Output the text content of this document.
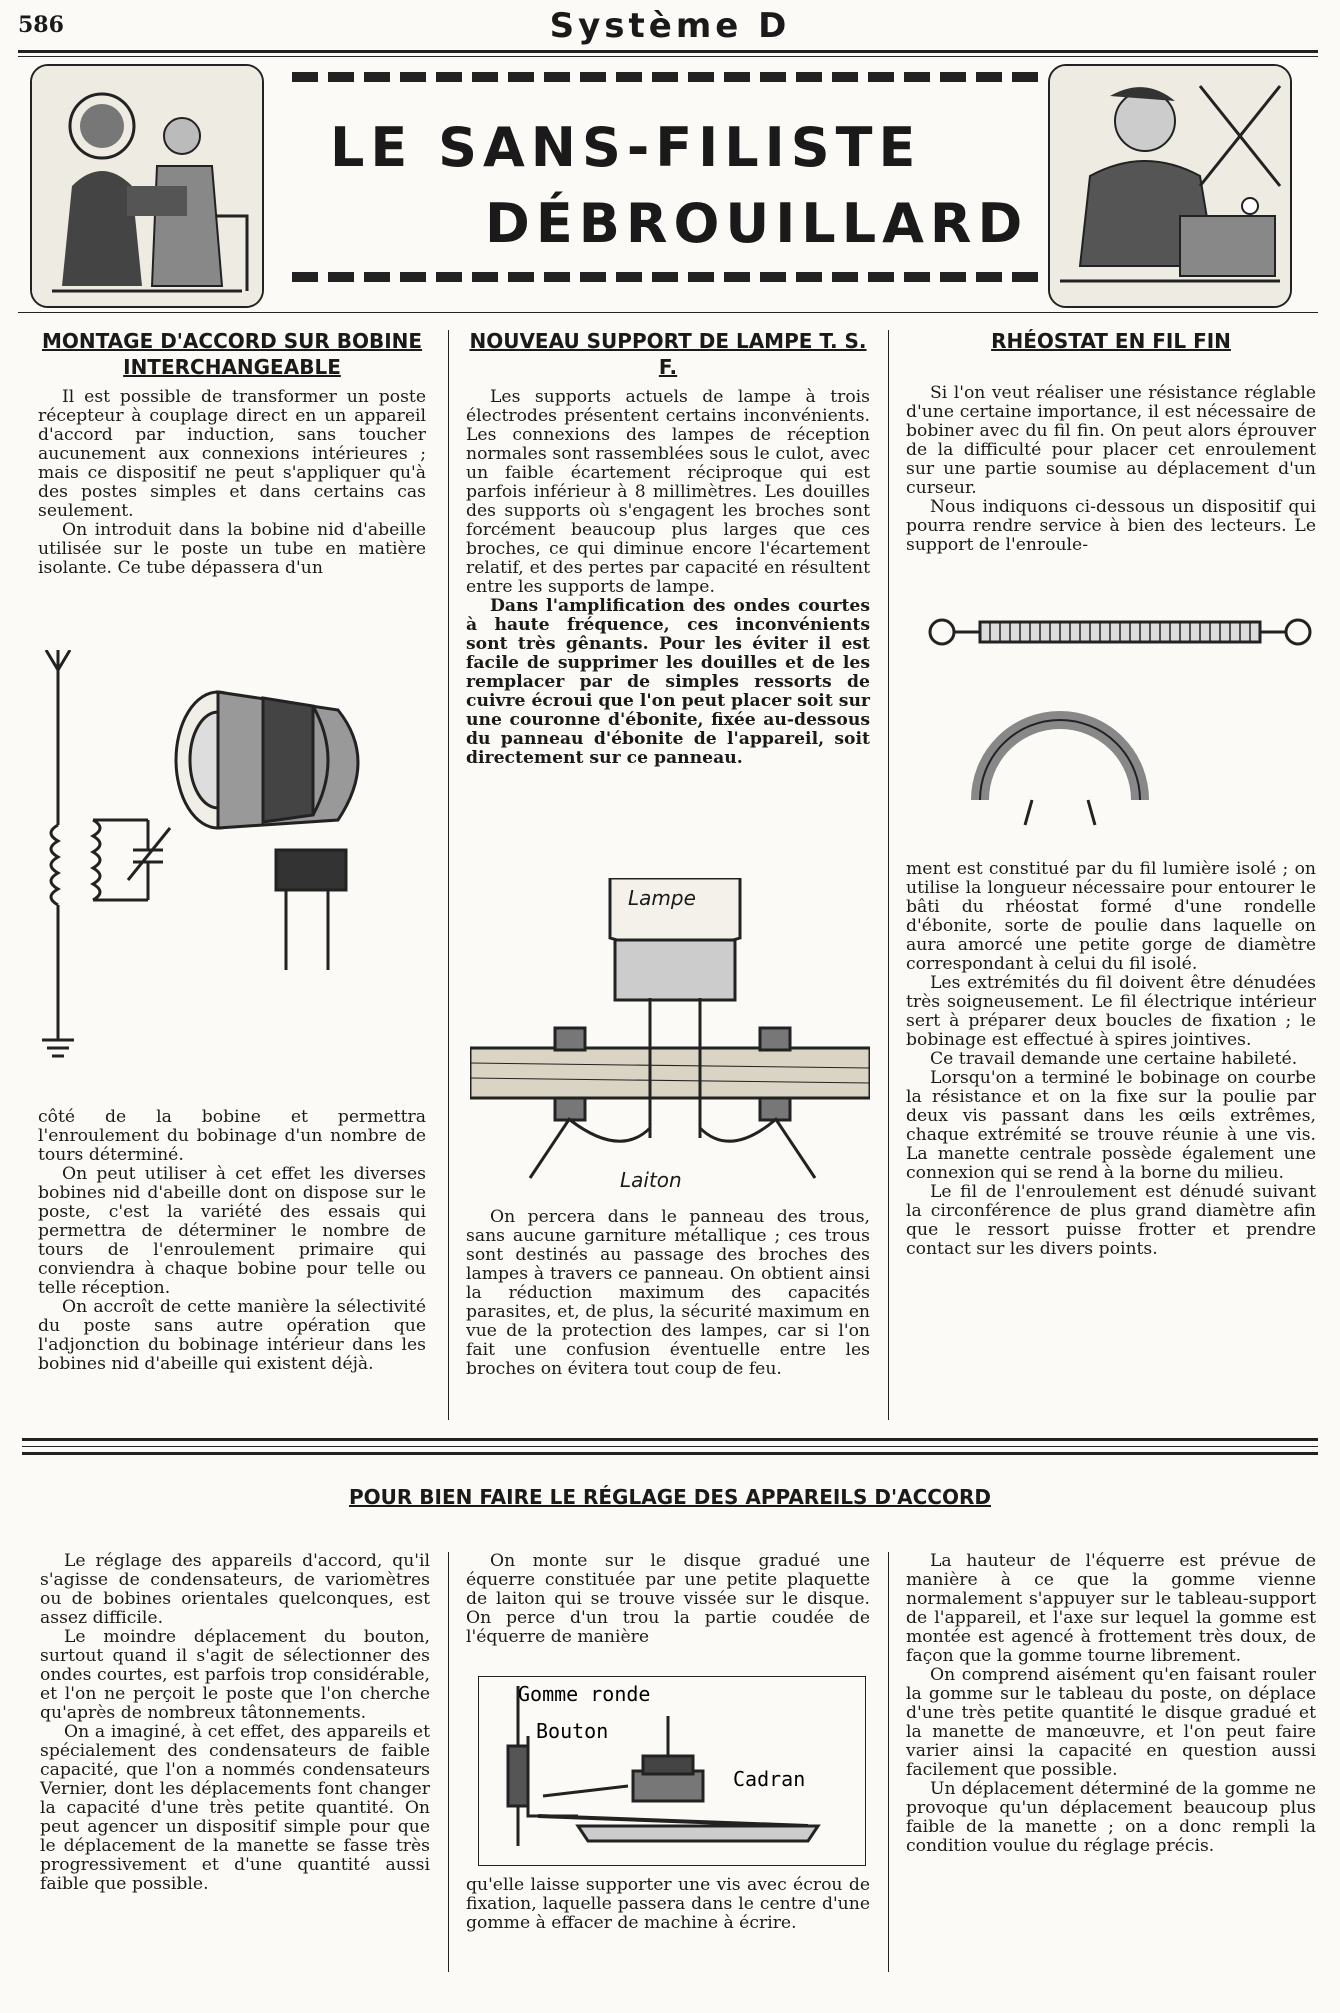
586	Système D
LE SANS-FILISTE
DÉBROUILLARD
MONTAGE D'ACCORD SUR BOBINE INTERCHANGEABLE

Il est possible de transformer un poste récepteur à couplage direct en un appareil d'accord par induction, sans toucher aucunement aux connexions intérieures ; mais ce dispositif ne peut s'appliquer qu'à des postes simples et dans certains cas seulement.

On introduit dans la bobine nid d'abeille utilisée sur le poste un tube en matière isolante. Ce tube dépassera d'un

côté de la bobine et permettra l'enroulement du bobinage d'un nombre de tours déterminé.

On peut utiliser à cet effet les diverses bobines nid d'abeille dont on dispose sur le poste, c'est la variété des essais qui permettra de déterminer le nombre de tours de l'enroulement primaire qui conviendra à chaque bobine pour telle ou telle réception.

On accroît de cette manière la sélectivité du poste sans autre opération que l'adjonction du bobinage intérieur dans les bobines nid d'abeille qui existent déjà.

NOUVEAU SUPPORT DE LAMPE T. S. F.

Les supports actuels de lampe à trois électrodes présentent certains inconvénients. Les connexions des lampes de réception normales sont rassemblées sous le culot, avec un faible écartement réciproque qui est parfois inférieur à 8 millimètres. Les douilles des supports où s'engagent les broches sont forcément beaucoup plus larges que ces broches, ce qui diminue encore l'écartement relatif, et des pertes par capacité en résultent entre les supports de lampe.

Dans l'amplification des ondes courtes à haute fréquence, ces inconvénients sont très gênants. Pour les éviter il est facile de supprimer les douilles et de les remplacer par de simples ressorts de cuivre écroui que l'on peut placer soit sur une couronne d'ébonite, fixée au-dessous du panneau d'ébonite de l'appareil, soit directement sur ce panneau.

Lampe
Laiton

On percera dans le panneau des trous, sans aucune garniture métallique ; ces trous sont destinés au passage des broches des lampes à travers ce panneau. On obtient ainsi la réduction maximum des capacités parasites, et, de plus, la sécurité maximum en vue de la protection des lampes, car si l'on fait une confusion éventuelle entre les broches on évitera tout coup de feu.

RHÉOSTAT EN FIL FIN

Si l'on veut réaliser une résistance réglable d'une certaine importance, il est nécessaire de bobiner avec du fil fin. On peut alors éprouver de la difficulté pour placer cet enroulement sur une partie soumise au déplacement d'un curseur.

Nous indiquons ci-dessous un dispositif qui pourra rendre service à bien des lecteurs. Le support de l'enroule-

ment est constitué par du fil lumière isolé ; on utilise la longueur nécessaire pour entourer le bâti du rhéostat formé d'une rondelle d'ébonite, sorte de poulie dans laquelle on aura amorcé une petite gorge de diamètre correspondant à celui du fil isolé.

Les extrémités du fil doivent être dénudées très soigneusement. Le fil électrique intérieur sert à préparer deux boucles de fixation ; le bobinage est effectué à spires jointives.

Ce travail demande une certaine habileté.

Lorsqu'on a terminé le bobinage on courbe la résistance et on la fixe sur la poulie par deux vis passant dans les œils extrêmes, chaque extrémité se trouve réunie à une vis. La manette centrale possède également une connexion qui se rend à la borne du milieu.

Le fil de l'enroulement est dénudé suivant la circonférence de plus grand diamètre afin que le ressort puisse frotter et prendre contact sur les divers points.

POUR BIEN FAIRE LE RÉGLAGE DES APPAREILS D'ACCORD

Le réglage des appareils d'accord, qu'il s'agisse de condensateurs, de variomètres ou de bobines orientales quelconques, est assez difficile.

Le moindre déplacement du bouton, surtout quand il s'agit de sélectionner des ondes courtes, est parfois trop considérable, et l'on ne perçoit le poste que l'on cherche qu'après de nombreux tâtonnements.

On a imaginé, à cet effet, des appareils et spécialement des condensateurs de faible capacité, que l'on a nommés condensateurs Vernier, dont les déplacements font changer la capacité d'une très petite quantité. On peut agencer un dispositif simple pour que le déplacement de la manette se fasse très progressivement et d'une quantité aussi faible que possible.

On monte sur le disque gradué une équerre constituée par une petite plaquette de laiton qui se trouve vissée sur le disque. On perce d'un trou la partie coudée de l'équerre de manière

Gomme ronde
Bouton
Cadran

qu'elle laisse supporter une vis avec écrou de fixation, laquelle passera dans le centre d'une gomme à effacer de machine à écrire.

La hauteur de l'équerre est prévue de manière à ce que la gomme vienne normalement s'appuyer sur le tableau-support de l'appareil, et l'axe sur lequel la gomme est montée est agencé à frottement très doux, de façon que la gomme tourne librement.

On comprend aisément qu'en faisant rouler la gomme sur le tableau du poste, on déplace d'une très petite quantité le disque gradué et la manette de manœuvre, et l'on peut faire varier ainsi la capacité en question aussi facilement que possible.

Un déplacement déterminé de la gomme ne provoque qu'un déplacement beaucoup plus faible de la manette ; on a donc rempli la condition voulue du réglage précis.
